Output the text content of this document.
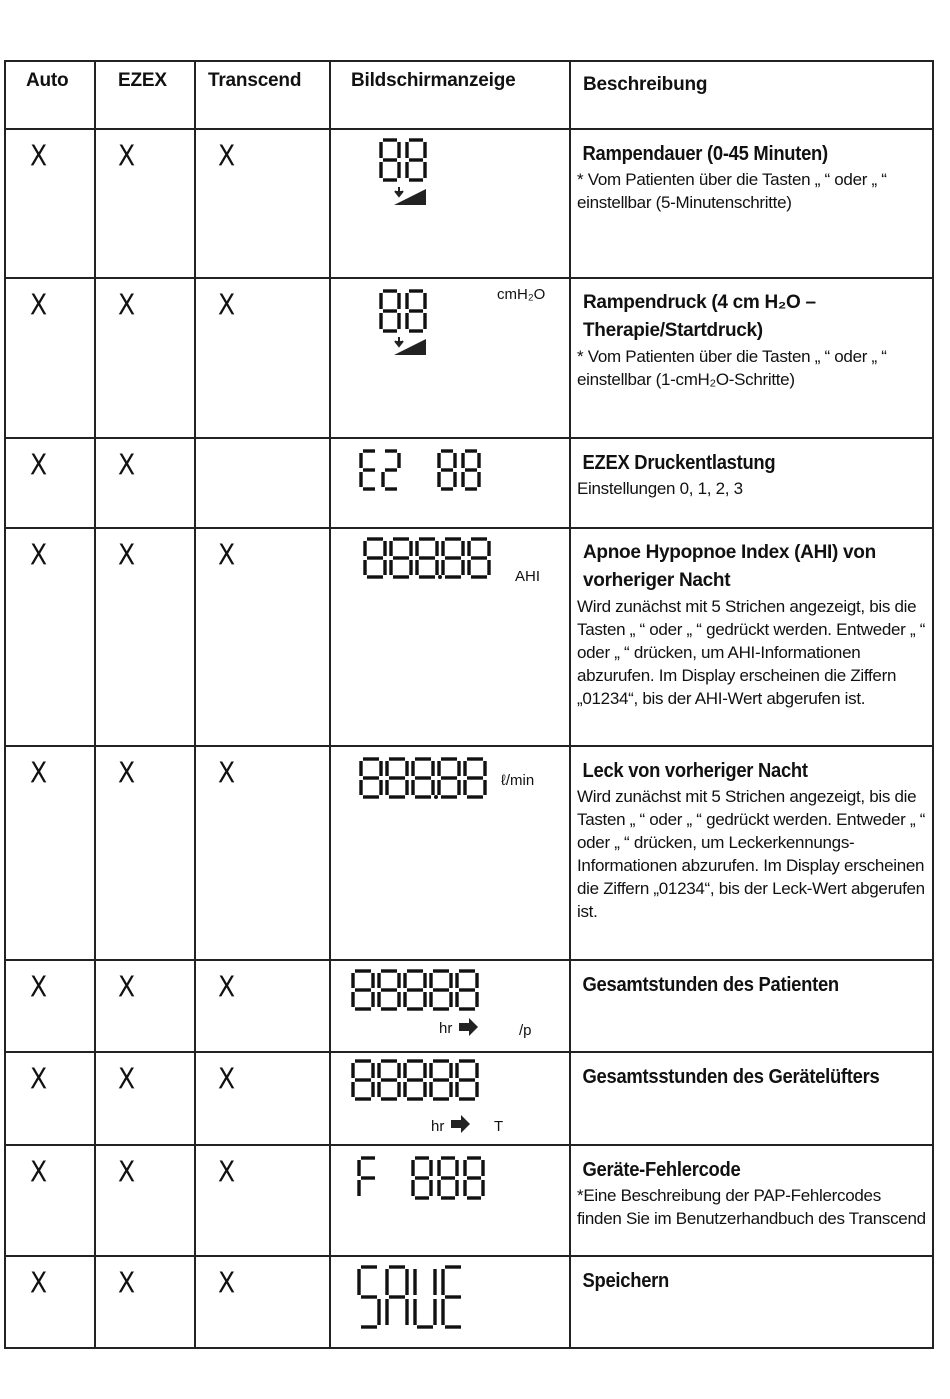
Auto	EZEX	Transcend	Bildschirmanzeige	Beschreibung

X	X	X		Rampendauer (0-45 Minuten)
* Vom Patienten über die Tasten „ “ oder „ “ einstellbar (5-Minutenschritte)

X	X	X	cmH₂O	Rampendruck (4 cm H₂O – Therapie/Startdruck)
* Vom Patienten über die Tasten „ “ oder „ “ einstellbar (1-cmH₂O-Schritte)

X	X			EZEX Druckentlastung
Einstellungen 0, 1, 2, 3

X	X	X	AHI	Apnoe Hypopnoe Index (AHI) von vorheriger Nacht
Wird zunächst mit 5 Strichen angezeigt, bis die Tasten „ “ oder „ “ gedrückt werden. Entweder „ “ oder „ “ drücken, um AHI-Informationen abzurufen. Im Display erscheinen die Ziffern „01234“, bis der AHI-Wert abgerufen ist.

X	X	X	ℓ/min	Leck von vorheriger Nacht
Wird zunächst mit 5 Strichen angezeigt, bis die Tasten „ “ oder „ “ gedrückt werden. Entweder „ “ oder „ “ drücken, um Leckerkennungs-Informationen abzurufen. Im Display erscheinen die Ziffern „01234“, bis der Leck-Wert abgerufen ist.

X	X	X	hr /p	Gesamtstunden des Patienten

X	X	X	hr T	Gesamtsstunden des Gerätelüfters

X	X	X		Geräte-Fehlercode
*Eine Beschreibung der PAP-Fehlercodes finden Sie im Benutzerhandbuch des Transcend

X	X	X		Speichern
